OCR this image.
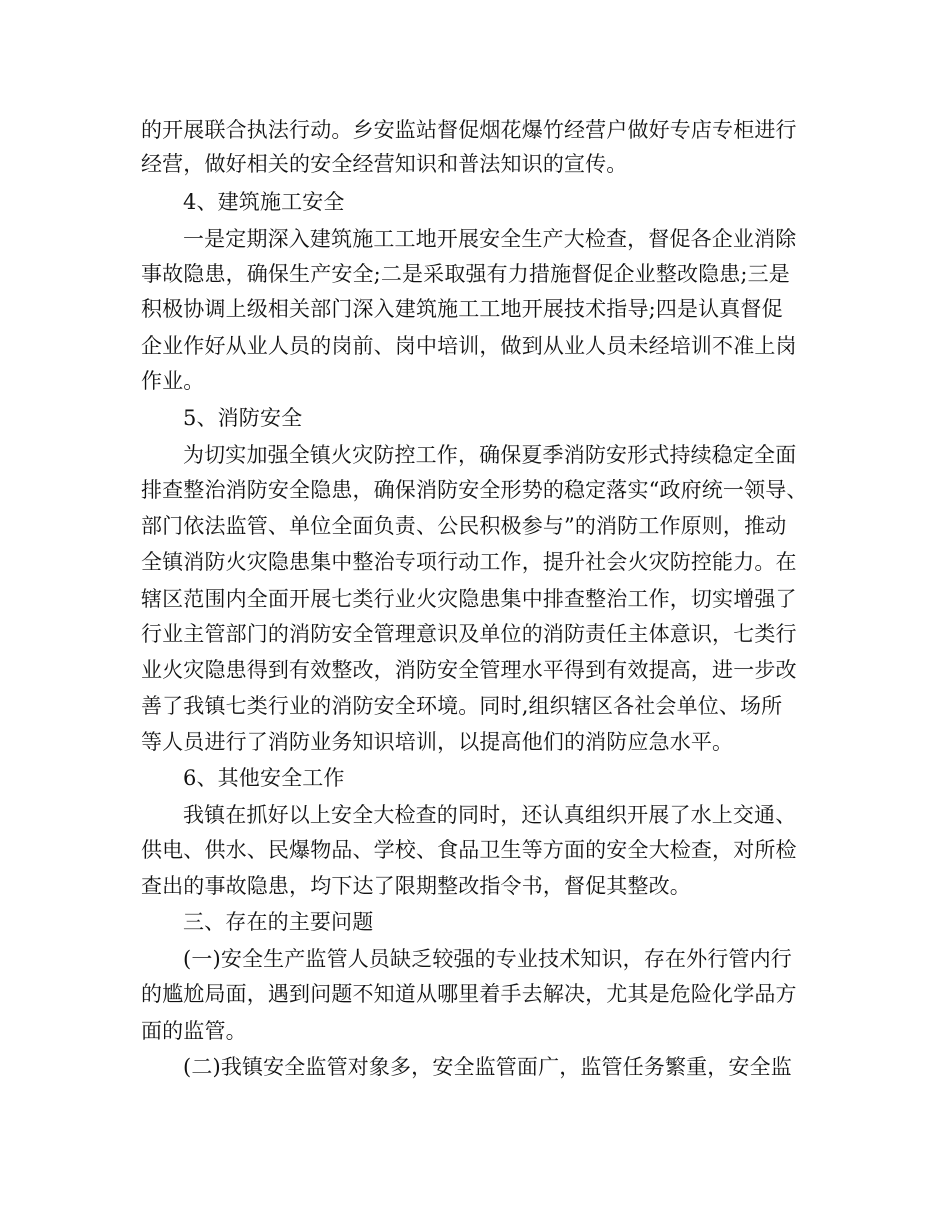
的开展联合执法行动。乡安监站督促烟花爆竹经营户做好专店专柜进行
经营，做好相关的安全经营知识和普法知识的宣传。
4、建筑施工安全
一是定期深入建筑施工工地开展安全生产大检查，督促各企业消除
事故隐患，确保生产安全;二是采取强有力措施督促企业整改隐患;三是
积极协调上级相关部门深入建筑施工工地开展技术指导;四是认真督促
企业作好从业人员的岗前、岗中培训，做到从业人员未经培训不准上岗
作业。
5、消防安全
为切实加强全镇火灾防控工作，确保夏季消防安形式持续稳定全面
排查整治消防安全隐患，确保消防安全形势的稳定落实“政府统一领导、
部门依法监管、单位全面负责、公民积极参与”的消防工作原则，推动
全镇消防火灾隐患集中整治专项行动工作，提升社会火灾防控能力。在
辖区范围内全面开展七类行业火灾隐患集中排查整治工作，切实增强了
行业主管部门的消防安全管理意识及单位的消防责任主体意识，七类行
业火灾隐患得到有效整改，消防安全管理水平得到有效提高，进一步改
善了我镇七类行业的消防安全环境。同时,组织辖区各社会单位、场所
等人员进行了消防业务知识培训，以提高他们的消防应急水平。
6、其他安全工作
我镇在抓好以上安全大检查的同时，还认真组织开展了水上交通、
供电、供水、民爆物品、学校、食品卫生等方面的安全大检查，对所检
查出的事故隐患，均下达了限期整改指令书，督促其整改。
三、存在的主要问题
(一)安全生产监管人员缺乏较强的专业技术知识，存在外行管内行
的尴尬局面，遇到问题不知道从哪里着手去解决，尤其是危险化学品方
面的监管。
(二)我镇安全监管对象多，安全监管面广，监管任务繁重，安全监
